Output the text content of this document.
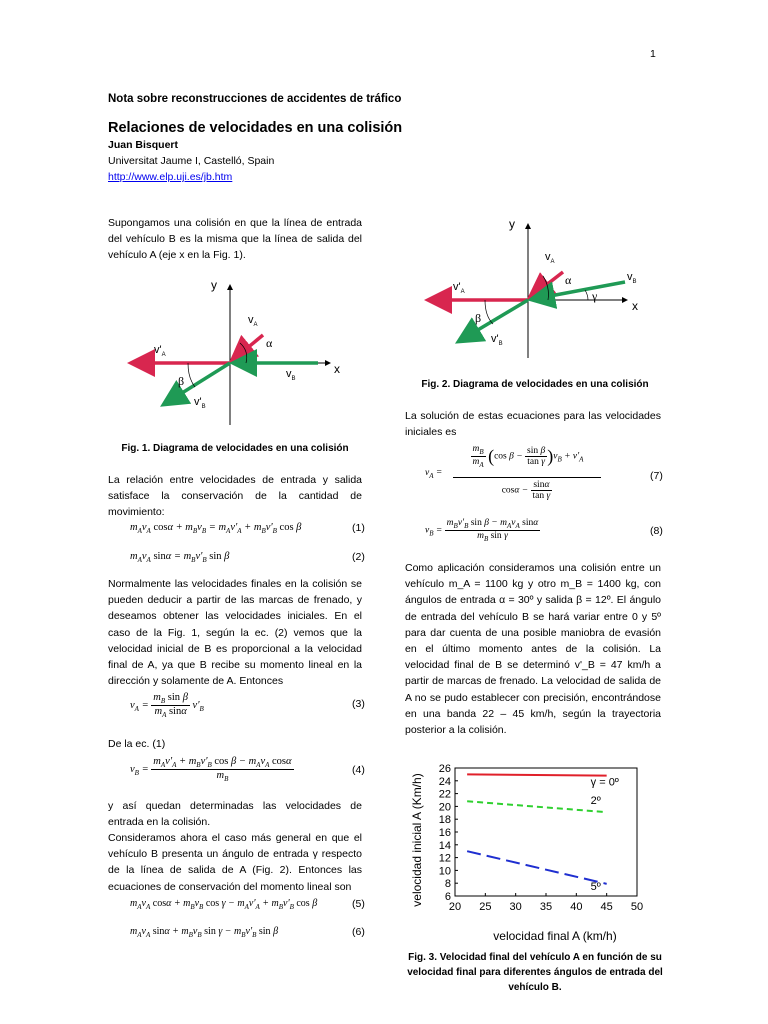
1
Nota sobre reconstrucciones de accidentes de tráfico
Relaciones de velocidades en una colisión
Juan Bisquert
Universitat Jaume I, Castelló, Spain
http://www.elp.uji.es/jb.htm
Supongamos una colisión en que la línea de entrada del vehículo B es la misma que la línea de salida del vehículo A (eje x en la Fig. 1).
y
x
$v_A$
$v'_A$
$v_B$
$v'_B$
α
β
Fig. 1. Diagrama de velocidades en una colisión
La relación entre velocidades de entrada y salida satisface la conservación de la cantidad de movimiento:
$m_Av_A$ $\cos\alpha + m_Bv_B = m_Av'_A + m_Bv'_B$ cos β	(1)
$m_Av_A$ $\sin\alpha = m_Bv'_B$ sin β	(2)
Normalmente las velocidades finales en la colisión se pueden deducir a partir de las marcas de frenado, y deseamos obtener las velocidades iniciales. En el caso de la Fig. 1, según la ec. (2) vemos que la velocidad inicial de B es proporcional a la velocidad final de A, ya que B recibe su momento lineal en la dirección y solamente de A. Entonces
$v_A = \frac{m_B \sin \beta}{m_A \sin\alpha} v'_B$	(3)
De la ec. (1)
$v_B = \frac{m_Av'_A + m_Bv'_B \cos \beta - m_Av_A \cos\alpha}{m_B}$	(4)
y así quedan determinadas las velocidades de entrada en la colisión.
Consideramos ahora el caso más general en que el vehículo B presenta un ángulo de entrada γ respecto de la línea de salida de A (Fig. 2). Entonces las ecuaciones de conservación del momento lineal son
$m_Av_A$ $\cos\alpha + m_Bv_B$ $\cos \gamma - m_Av'_A + m_Bv'_B$ cos β	(5)
$m_Av_A$ $\sin\alpha + m_Bv_B$ $\sin \gamma - m_Bv'_B$ sin β	(6)
y
x
$v_A$
$v'_A$
$v_B$
$v'_B$
α
γ
β
Fig. 2. Diagrama de velocidades en una colisión
La solución de estas ecuaciones para las velocidades iniciales es
$v_A$ =
$\frac{m_B}{m_A} (\cos$ $\beta - \frac{\text{sin β}}{\text{tan γ}} )v_B + v'_A$
$\cos\alpha - \frac{\sin\alpha}{\text{tan γ}}$
(7)
$v_B = \frac{m_Bv'_B \sin \beta - m_Av_A \sin\alpha}{m_B \sin \gamma}$	(8)
Como aplicación consideramos una colisión entre un vehículo m_A = 1100 kg y otro m_B = 1400 kg, con ángulos de entrada α = 30º y salida β = 12º. El ángulo de entrada del vehículo B se hará variar entre 0 y 5º para dar cuenta de una posible maniobra de evasión en el último momento antes de la colisión. La velocidad final de B se determinó v'_B = 47 km/h a partir de marcas de frenado. La velocidad de salida de A no se pudo establecer con precisión, encontrándose en una banda 22 – 45 km/h, según la trayectoria posterior a la colisión.
20 25 30 35 40 45 50
6
8
10
12
14
16
18
20
22
24
26
γ = 0º
2º
5º
velocidad final A (km/h)
velocidad inicial A (Km/h)
Fig. 3. Velocidad final del vehículo A en función de su velocidad final para diferentes ángulos de entrada del vehículo B.
